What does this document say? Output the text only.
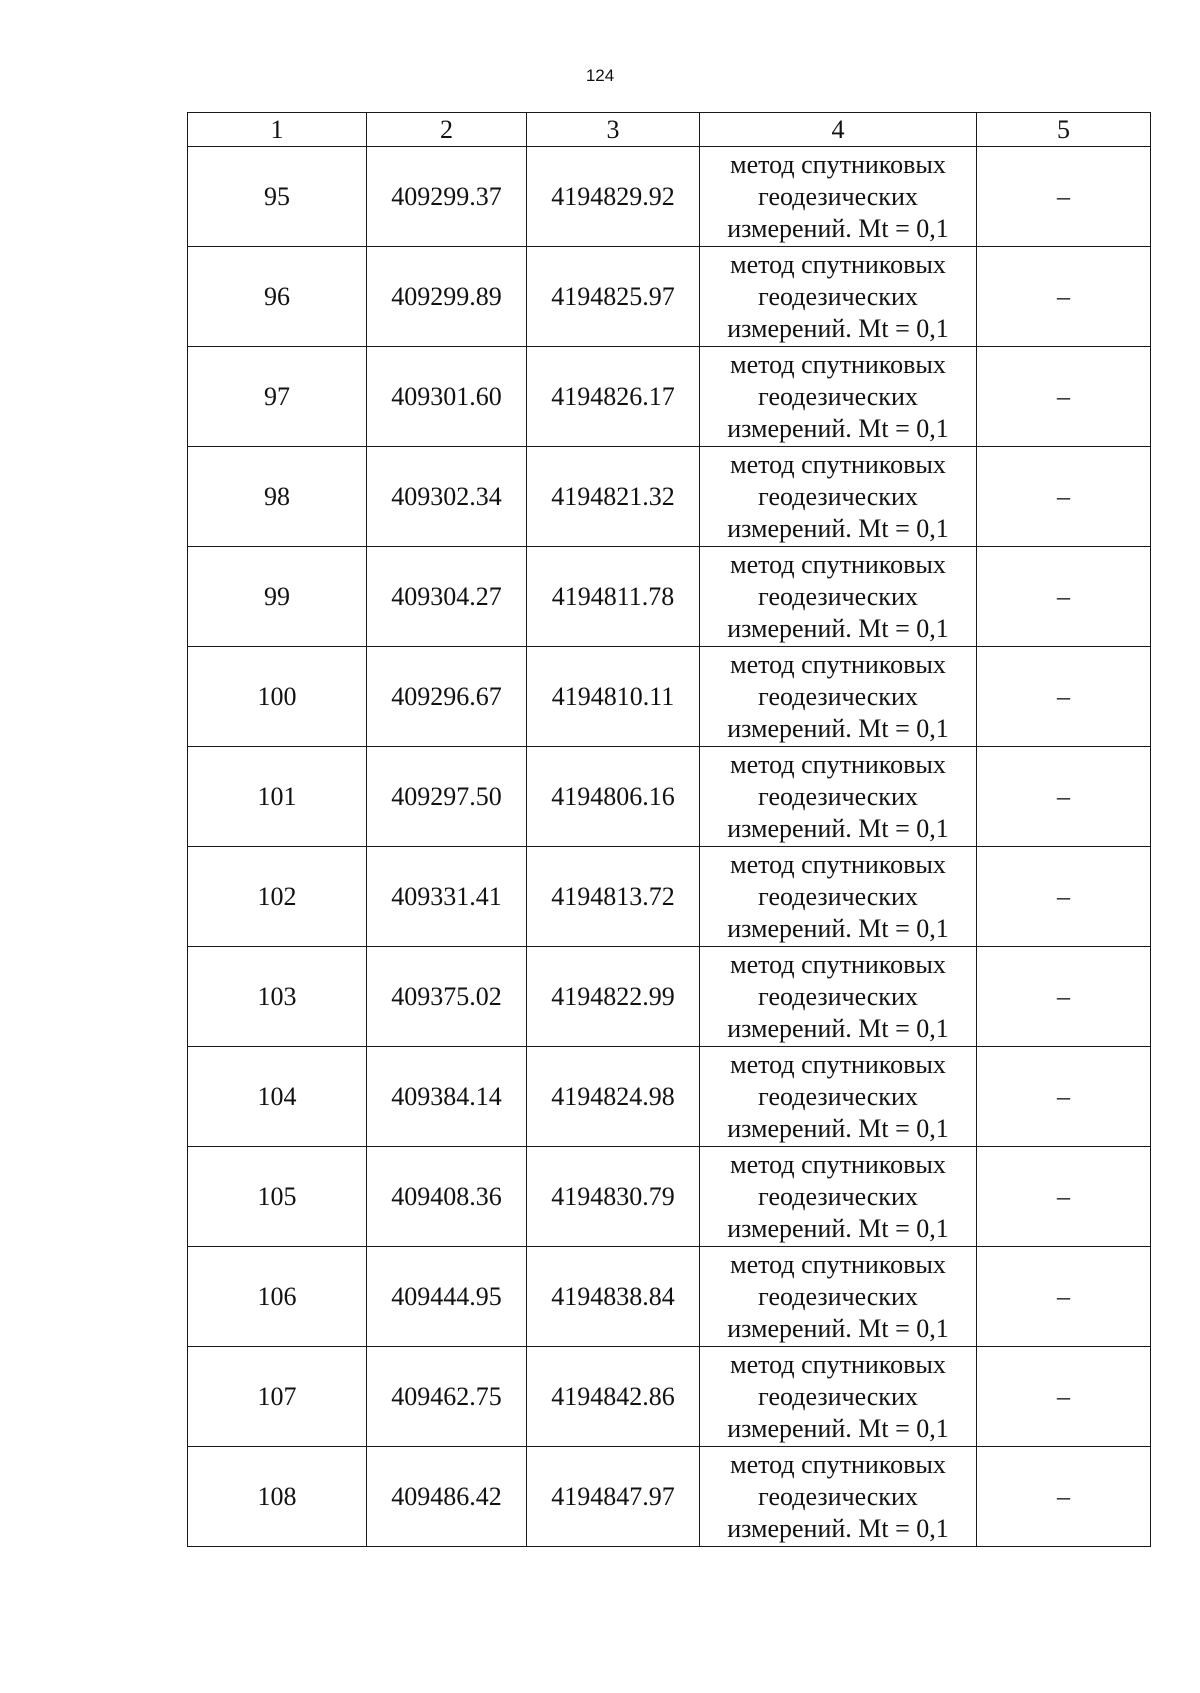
124
1	2	3	4	5
95	409299.37	4194829.92	метод спутниковых
геодезических
измерений. Mt = 0,1	–
96	409299.89	4194825.97	метод спутниковых
геодезических
измерений. Mt = 0,1	–
97	409301.60	4194826.17	метод спутниковых
геодезических
измерений. Mt = 0,1	–
98	409302.34	4194821.32	метод спутниковых
геодезических
измерений. Mt = 0,1	–
99	409304.27	4194811.78	метод спутниковых
геодезических
измерений. Mt = 0,1	–
100	409296.67	4194810.11	метод спутниковых
геодезических
измерений. Mt = 0,1	–
101	409297.50	4194806.16	метод спутниковых
геодезических
измерений. Mt = 0,1	–
102	409331.41	4194813.72	метод спутниковых
геодезических
измерений. Mt = 0,1	–
103	409375.02	4194822.99	метод спутниковых
геодезических
измерений. Mt = 0,1	–
104	409384.14	4194824.98	метод спутниковых
геодезических
измерений. Mt = 0,1	–
105	409408.36	4194830.79	метод спутниковых
геодезических
измерений. Mt = 0,1	–
106	409444.95	4194838.84	метод спутниковых
геодезических
измерений. Mt = 0,1	–
107	409462.75	4194842.86	метод спутниковых
геодезических
измерений. Mt = 0,1	–
108	409486.42	4194847.97	метод спутниковых
геодезических
измерений. Mt = 0,1	–
